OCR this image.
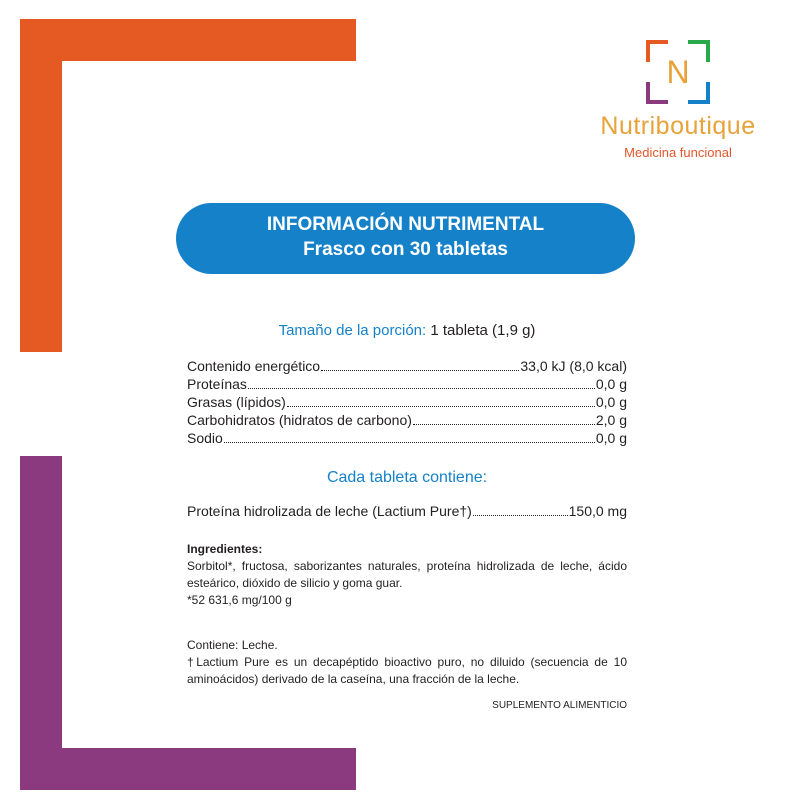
N
Nutriboutique
Medicina funcional
INFORMACIÓN NUTRIMENTAL
Frasco con 30 tabletas
Tamaño de la porción: 1 tableta (1,9 g)
Contenido energético	33,0 kJ (8,0 kcal)
Proteínas	0,0 g
Grasas (lípidos)	0,0 g
Carbohidratos (hidratos de carbono)	2,0 g
Sodio	0,0 g
Cada tableta contiene:
Proteína hidrolizada de leche (Lactium Pure†)	150,0 mg

Ingredientes:

Sorbitol*, fructosa, saborizantes naturales, proteína hidrolizada de leche, ácido esteárico, dióxido de silicio y goma guar.

*52 631,6 mg/100 g

Contiene: Leche.

†Lactium Pure es un decapéptido bioactivo puro, no diluido (secuencia de 10 aminoácidos) derivado de la caseína, una fracción de la leche.

SUPLEMENTO ALIMENTICIO
